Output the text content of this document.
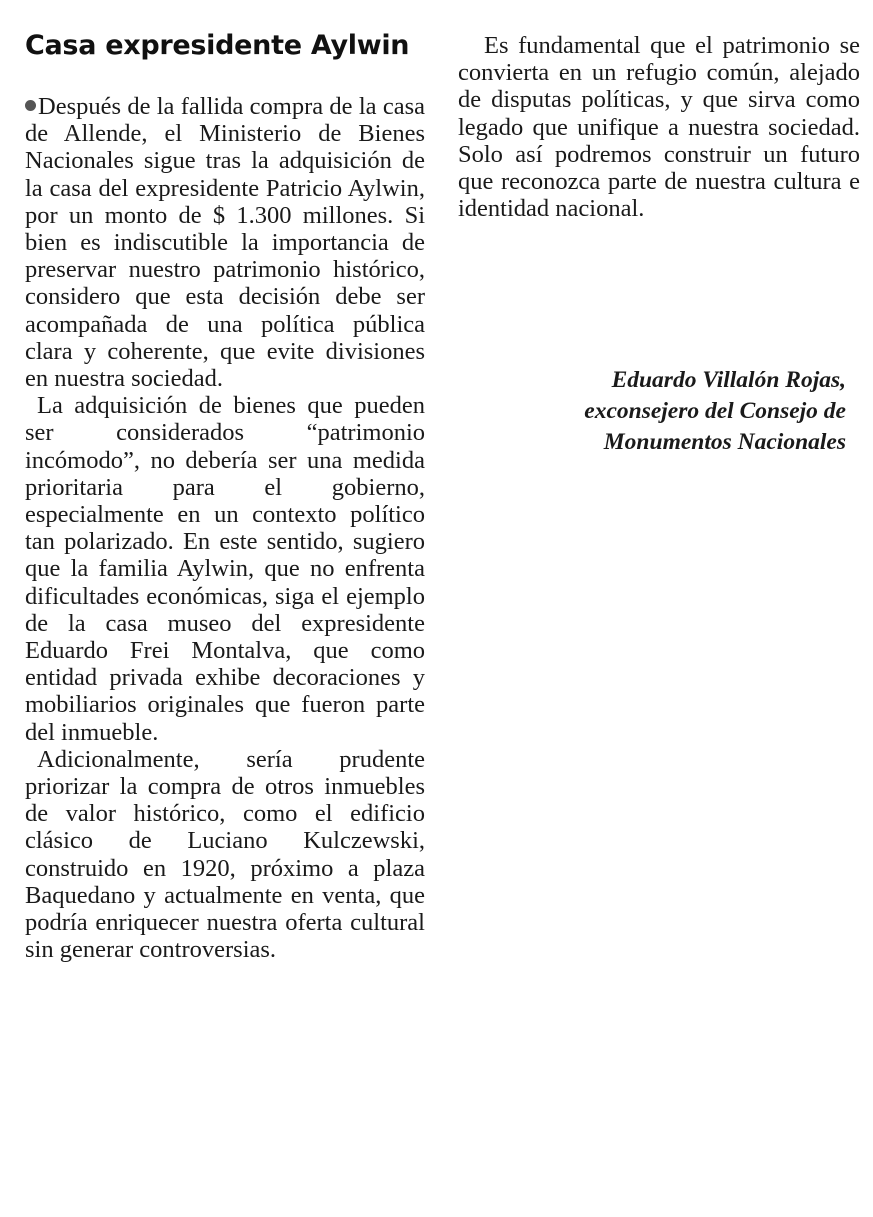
Casa expresidente Aylwin

Después de la fallida compra de la casa de Allende, el Ministerio de Bienes Nacionales sigue tras la adquisición de la casa del expresidente Patricio Aylwin, por un monto de $ 1.300 millones. Si bien es indiscutible la importancia de preservar nuestro patrimonio histórico, considero que esta decisión debe ser acompañada de una política pública clara y coherente, que evite divisiones en nuestra sociedad.

La adquisición de bienes que pueden ser considerados “patrimonio incómodo”, no debería ser una medida prioritaria para el gobierno, especialmente en un contexto político tan polarizado. En este sentido, sugiero que la familia Aylwin, que no enfrenta dificultades económicas, siga el ejemplo de la casa museo del expresidente Eduardo Frei Montalva, que como entidad privada exhibe decoraciones y mobiliarios originales que fueron parte del inmueble.

Adicionalmente, sería prudente priorizar la compra de otros inmuebles de valor histórico, como el edificio clásico de Luciano Kulczewski, construido en 1920, próximo a plaza Baquedano y actualmente en venta, que podría enriquecer nuestra oferta cultural sin generar controversias.

Es fundamental que el patrimonio se convierta en un refugio común, alejado de disputas políticas, y que sirva como legado que unifique a nuestra sociedad. Solo así podremos construir un futuro que reconozca parte de nuestra cultura e identidad nacional.

Eduardo Villalón Rojas,
exconsejero del Consejo de
Monumentos Nacionales
